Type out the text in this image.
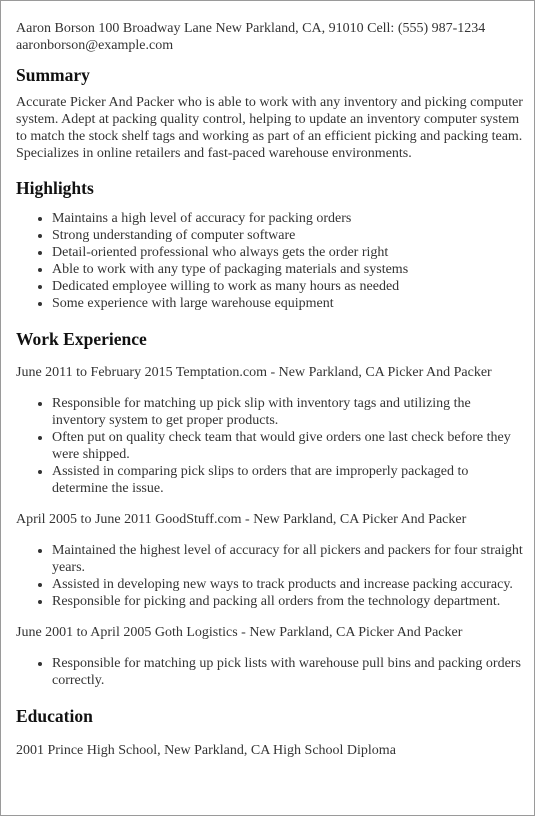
Aaron Borson 100 Broadway Lane New Parkland, CA, 91010 Cell: (555) 987-1234

aaronborson@example.com

Summary

Accurate Picker And Packer who is able to work with any inventory and picking computer system. Adept at packing quality control, helping to update an inventory computer system to match the stock shelf tags and working as part of an efficient picking and packing team. Specializes in online retailers and fast-paced warehouse environments.

Highlights
• Maintains a high level of accuracy for packing orders
• Strong understanding of computer software
• Detail-oriented professional who always gets the order right
• Able to work with any type of packaging materials and systems
• Dedicated employee willing to work as many hours as needed
• Some experience with large warehouse equipment
Work Experience

June 2011 to February 2015 Temptation.com - New Parkland, CA Picker And Packer

• Responsible for matching up pick slip with inventory tags and utilizing the inventory system to get proper products.
• Often put on quality check team that would give orders one last check before they were shipped.
• Assisted in comparing pick slips to orders that are improperly packaged to determine the issue.

April 2005 to June 2011 GoodStuff.com - New Parkland, CA Picker And Packer

• Maintained the highest level of accuracy for all pickers and packers for four straight years.
• Assisted in developing new ways to track products and increase packing accuracy.
• Responsible for picking and packing all orders from the technology department.

June 2001 to April 2005 Goth Logistics - New Parkland, CA Picker And Packer

• Responsible for matching up pick lists with warehouse pull bins and packing orders correctly.
Education

2001 Prince High School, New Parkland, CA High School Diploma
